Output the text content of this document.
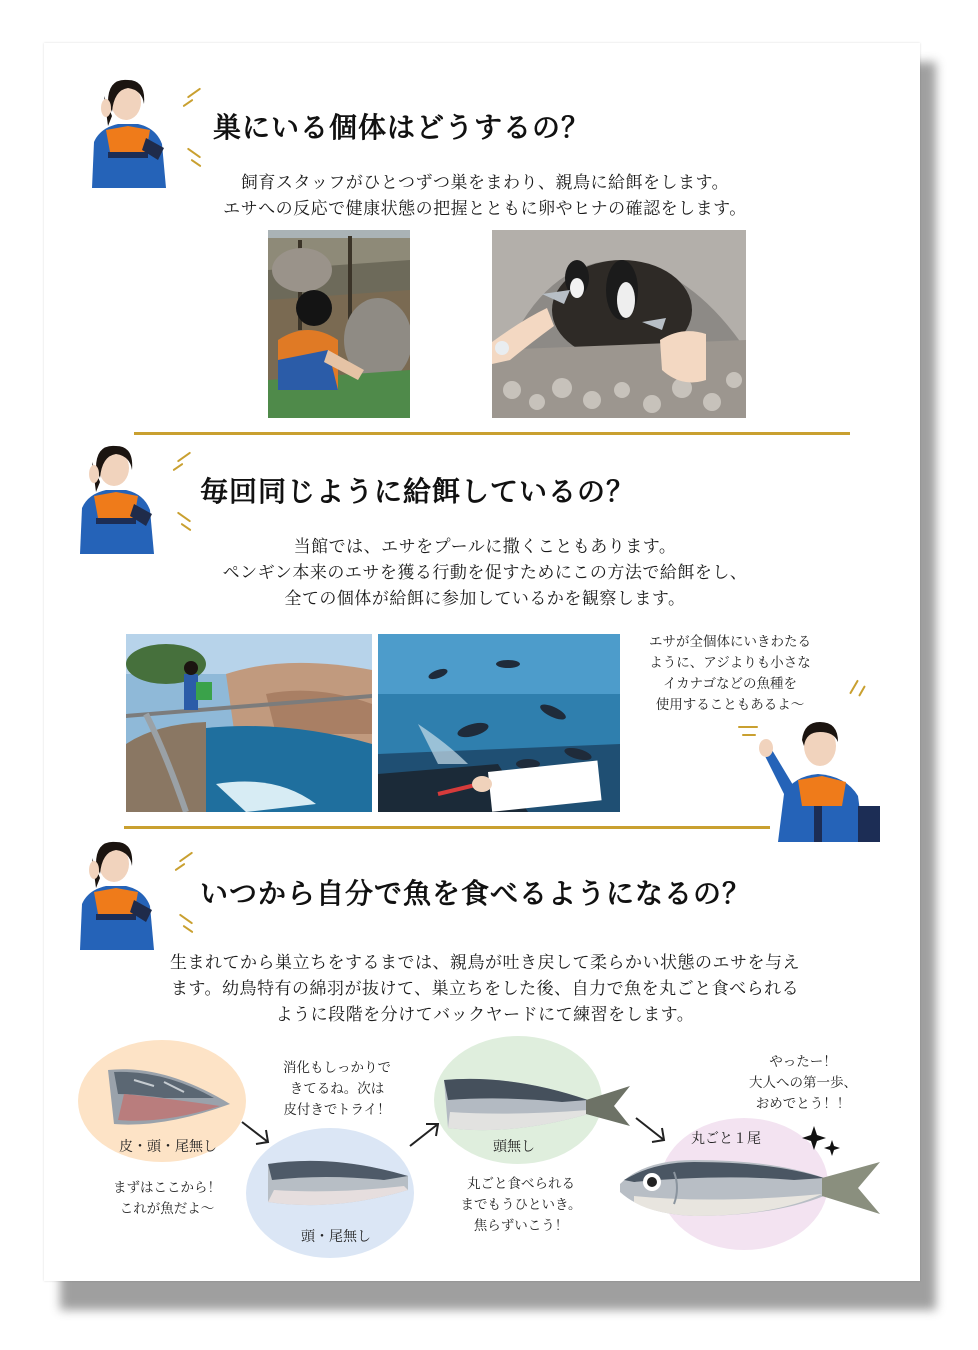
巣にいる個体はどうするの？
飼育スタッフがひとつずつ巣をまわり、親鳥に給餌をします。
エサへの反応で健康状態の把握とともに卵やヒナの確認をします。
毎回同じように給餌しているの？
当館では、エサをプールに撒くこともあります。
ペンギン本来のエサを獲る行動を促すためにこの方法で給餌をし、
全ての個体が給餌に参加しているかを観察します。
エサが全個体にいきわたる
ように、アジよりも小さな
イカナゴなどの魚種を
使用することもあるよ～
いつから自分で魚を食べるようになるの？
生まれてから巣立ちをするまでは、親鳥が吐き戻して柔らかい状態のエサを与え
ます。幼鳥特有の綿羽が抜けて、巣立ちをした後、自力で魚を丸ごと食べられる
ように段階を分けてバックヤードにて練習をします。
皮・頭・尾無し
頭・尾無し
頭無し	丸ごと１尾
まずはここから！
これが魚だよ～
消化もしっかりで
きてるね。次は
皮付きでトライ！
丸ごと食べられる
までもうひといき。
焦らずいこう！
やったー！
大人への第一歩、
おめでとう！！
